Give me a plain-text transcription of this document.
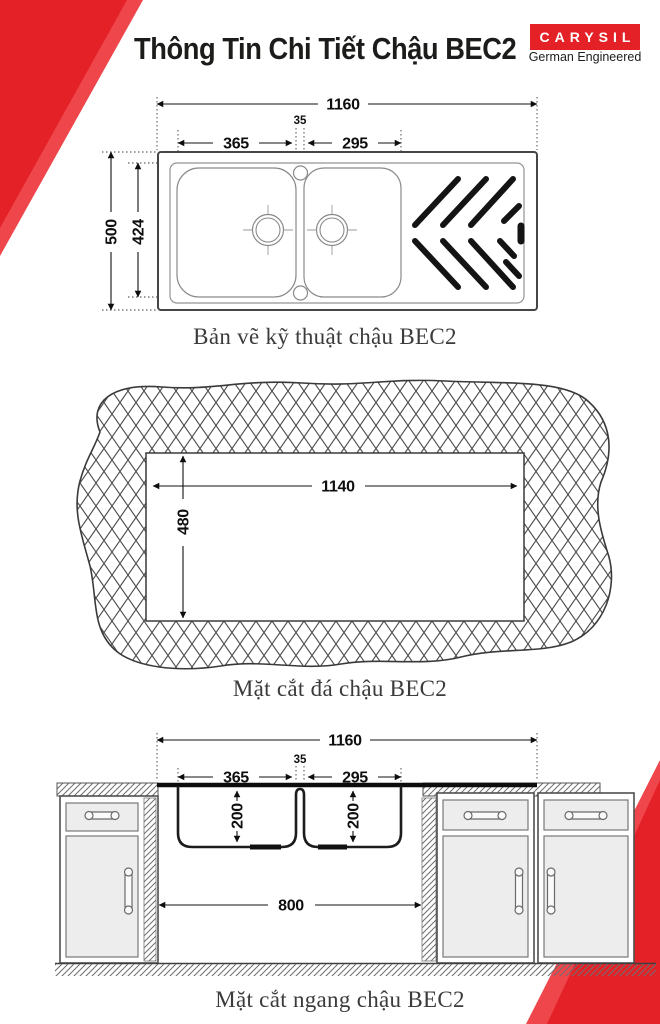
1160
365
35
295
500 424
1140
480
1160
365
35
295
200	200
800
Thông Tin Chi Tiết Chậu BEC2	CARYSIL
German Engineered
Bản vẽ kỹ thuật chậu BEC2
Mặt cắt đá chậu BEC2
Mặt cắt ngang chậu BEC2
